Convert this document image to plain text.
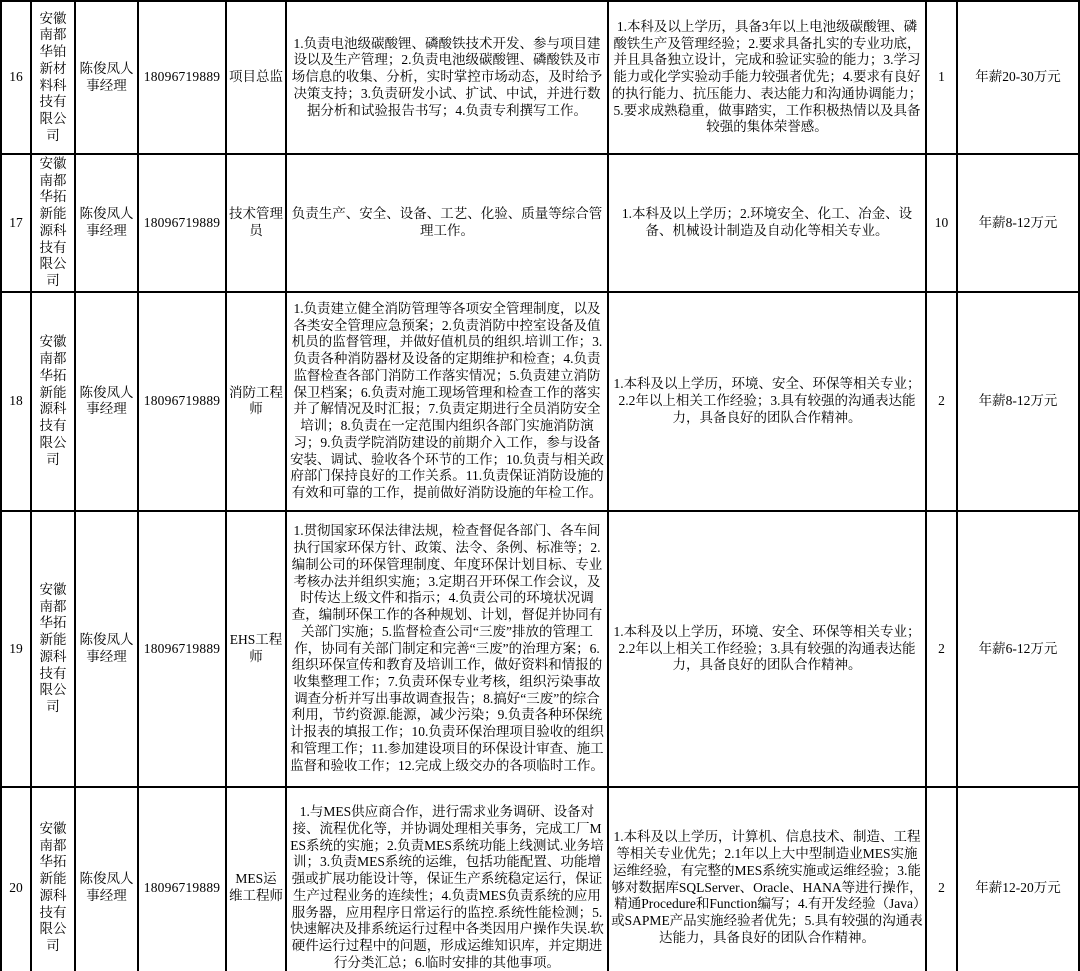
16	安徽南都华铂新材料科技有限公司	陈俊凤人事经理	18096719889	项目总监	1.负责电池级碳酸锂、磷酸铁技术开发、参与项目建设以及生产管理；2.负责电池级碳酸锂、磷酸铁及市场信息的收集、分析，实时掌控市场动态，及时给予决策支持；3.负责研发小试、扩试、中试，并进行数据分析和试验报告书写；4.负责专利撰写工作。	1.本科及以上学历，具备3年以上电池级碳酸锂、磷酸铁生产及管理经验；2.要求具备扎实的专业功底，并且具备独立设计，完成和验证实验的能力；3.学习能力或化学实验动手能力较强者优先；4.要求有良好的执行能力、抗压能力、表达能力和沟通协调能力；5.要求成熟稳重，做事踏实，工作积极热情以及具备较强的集体荣誉感。	1	年薪20-30万元
17	安徽南都华拓新能源科技有限公司	陈俊凤人事经理	18096719889	技术管理员	负责生产、安全、设备、工艺、化验、质量等综合管理工作。	1.本科及以上学历；2.环境安全、化工、冶金、设备、机械设计制造及自动化等相关专业。	10	年薪8-12万元
18	安徽南都华拓新能源科技有限公司	陈俊凤人事经理	18096719889	消防工程师	1.负责建立健全消防管理等各项安全管理制度，以及各类安全管理应急预案；2.负责消防中控室设备及值机员的监督管理，并做好值机员的组织.培训工作；3.负责各种消防器材及设备的定期维护和检查；4.负责监督检查各部门消防工作落实情况；5.负责建立消防保卫档案；6.负责对施工现场管理和检查工作的落实并了解情况及时汇报；7.负责定期进行全员消防安全培训；8.负责在一定范围内组织各部门实施消防演习；9.负责学院消防建设的前期介入工作，参与设备安装、调试、验收各个环节的工作；10.负责与相关政府部门保持良好的工作关系。11.负责保证消防设施的有效和可靠的工作，提前做好消防设施的年检工作。	1.本科及以上学历，环境、安全、环保等相关专业；2.2年以上相关工作经验；3.具有较强的沟通表达能力，具备良好的团队合作精神。	2	年薪8-12万元
19	安徽南都华拓新能源科技有限公司	陈俊凤人事经理	18096719889	EHS工程师	1.贯彻国家环保法律法规，检查督促各部门、各车间执行国家环保方针、政策、法令、条例、标准等；2.编制公司的环保管理制度、年度环保计划目标、专业考核办法并组织实施；3.定期召开环保工作会议，及时传达上级文件和指示；4.负责公司的环境状况调查，编制环保工作的各种规划、计划，督促并协同有关部门实施；5.监督检查公司“三废”排放的管理工作，协同有关部门制定和完善“三废”的治理方案；6.组织环保宣传和教育及培训工作，做好资料和情报的收集整理工作；7.负责环保专业考核，组织污染事故调查分析并写出事故调查报告；8.搞好“三废”的综合利用，节约资源.能源，减少污染；9.负责各种环保统计报表的填报工作；10.负责环保治理项目验收的组织和管理工作；11.参加建设项目的环保设计审查、施工监督和验收工作；12.完成上级交办的各项临时工作。	1.本科及以上学历，环境、安全、环保等相关专业；2.2年以上相关工作经验；3.具有较强的沟通表达能力，具备良好的团队合作精神。	2	年薪6-12万元
20	安徽南都华拓新能源科技有限公司	陈俊凤人事经理	18096719889	MES运维工程师	1.与MES供应商合作，进行需求业务调研、设备对接、流程优化等，并协调处理相关事务，完成工厂MES系统的实施；2.负责MES系统功能上线测试.业务培训；3.负责MES系统的运维，包括功能配置、功能增强或扩展功能设计等，保证生产系统稳定运行，保证生产过程业务的连续性；4.负责MES负责系统的应用服务器，应用程序日常运行的监控.系统性能检测；5.快速解决及排系统运行过程中各类因用户操作失误.软硬件运行过程中的问题，形成运维知识库，并定期进行分类汇总；6.临时安排的其他事项。	1.本科及以上学历，计算机、信息技术、制造、工程等相关专业优先；2.1年以上大中型制造业MES实施运维经验，有完整的MES系统实施或运维经验；3.能够对数据库SQLServer、Oracle、HANA等进行操作，精通Procedure和Function编写；4.有开发经验（Java）或SAPME产品实施经验者优先；5.具有较强的沟通表达能力，具备良好的团队合作精神。	2	年薪12-20万元
